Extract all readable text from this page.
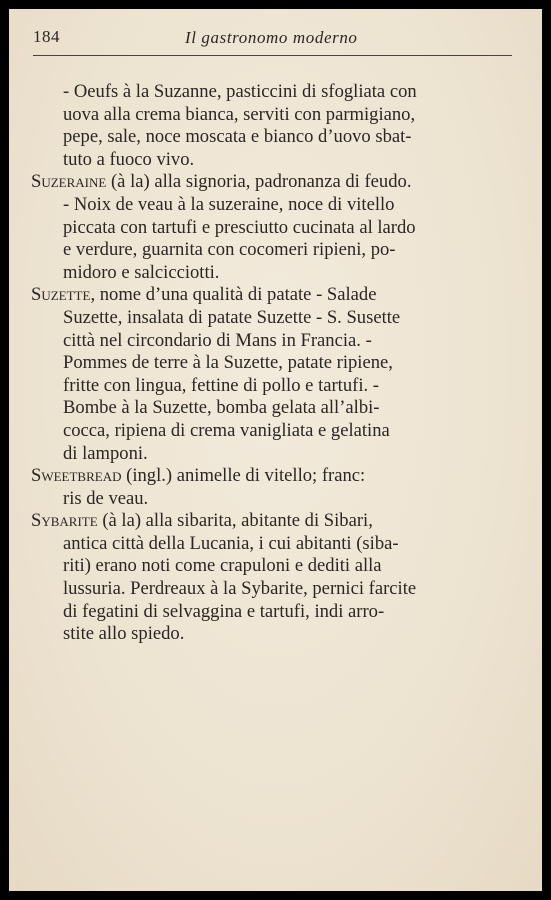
184	Il gastronomo moderno
- Oeufs à la Suzanne, pasticcini di sfogliata con
uova alla crema bianca, serviti con parmigiano,
pepe, sale, noce moscata e bianco d’uovo sbat-
tuto a fuoco vivo.
Suzeraine (à la) alla signoria, padronanza di feudo.
- Noix de veau à la suzeraine, noce di vitello
piccata con tartufi e presciutto cucinata al lardo
e verdure, guarnita con cocomeri ripieni, po-
midoro e salcicciotti.
Suzette, nome d’una qualità di patate - Salade
Suzette, insalata di patate Suzette - S. Susette
città nel circondario di Mans in Francia. -
Pommes de terre à la Suzette, patate ripiene,
fritte con lingua, fettine di pollo e tartufi. -
Bombe à la Suzette, bomba gelata all’albi-
cocca, ripiena di crema vanigliata e gelatina
di lamponi.
Sweetbread (ingl.) animelle di vitello; franc:
ris de veau.
Sybarite (à la) alla sibarita, abitante di Sibari,
antica città della Lucania, i cui abitanti (siba-
riti) erano noti come crapuloni e dediti alla
lussuria. Perdreaux à la Sybarite, pernici farcite
di fegatini di selvaggina e tartufi, indi arro-
stite allo spiedo.
